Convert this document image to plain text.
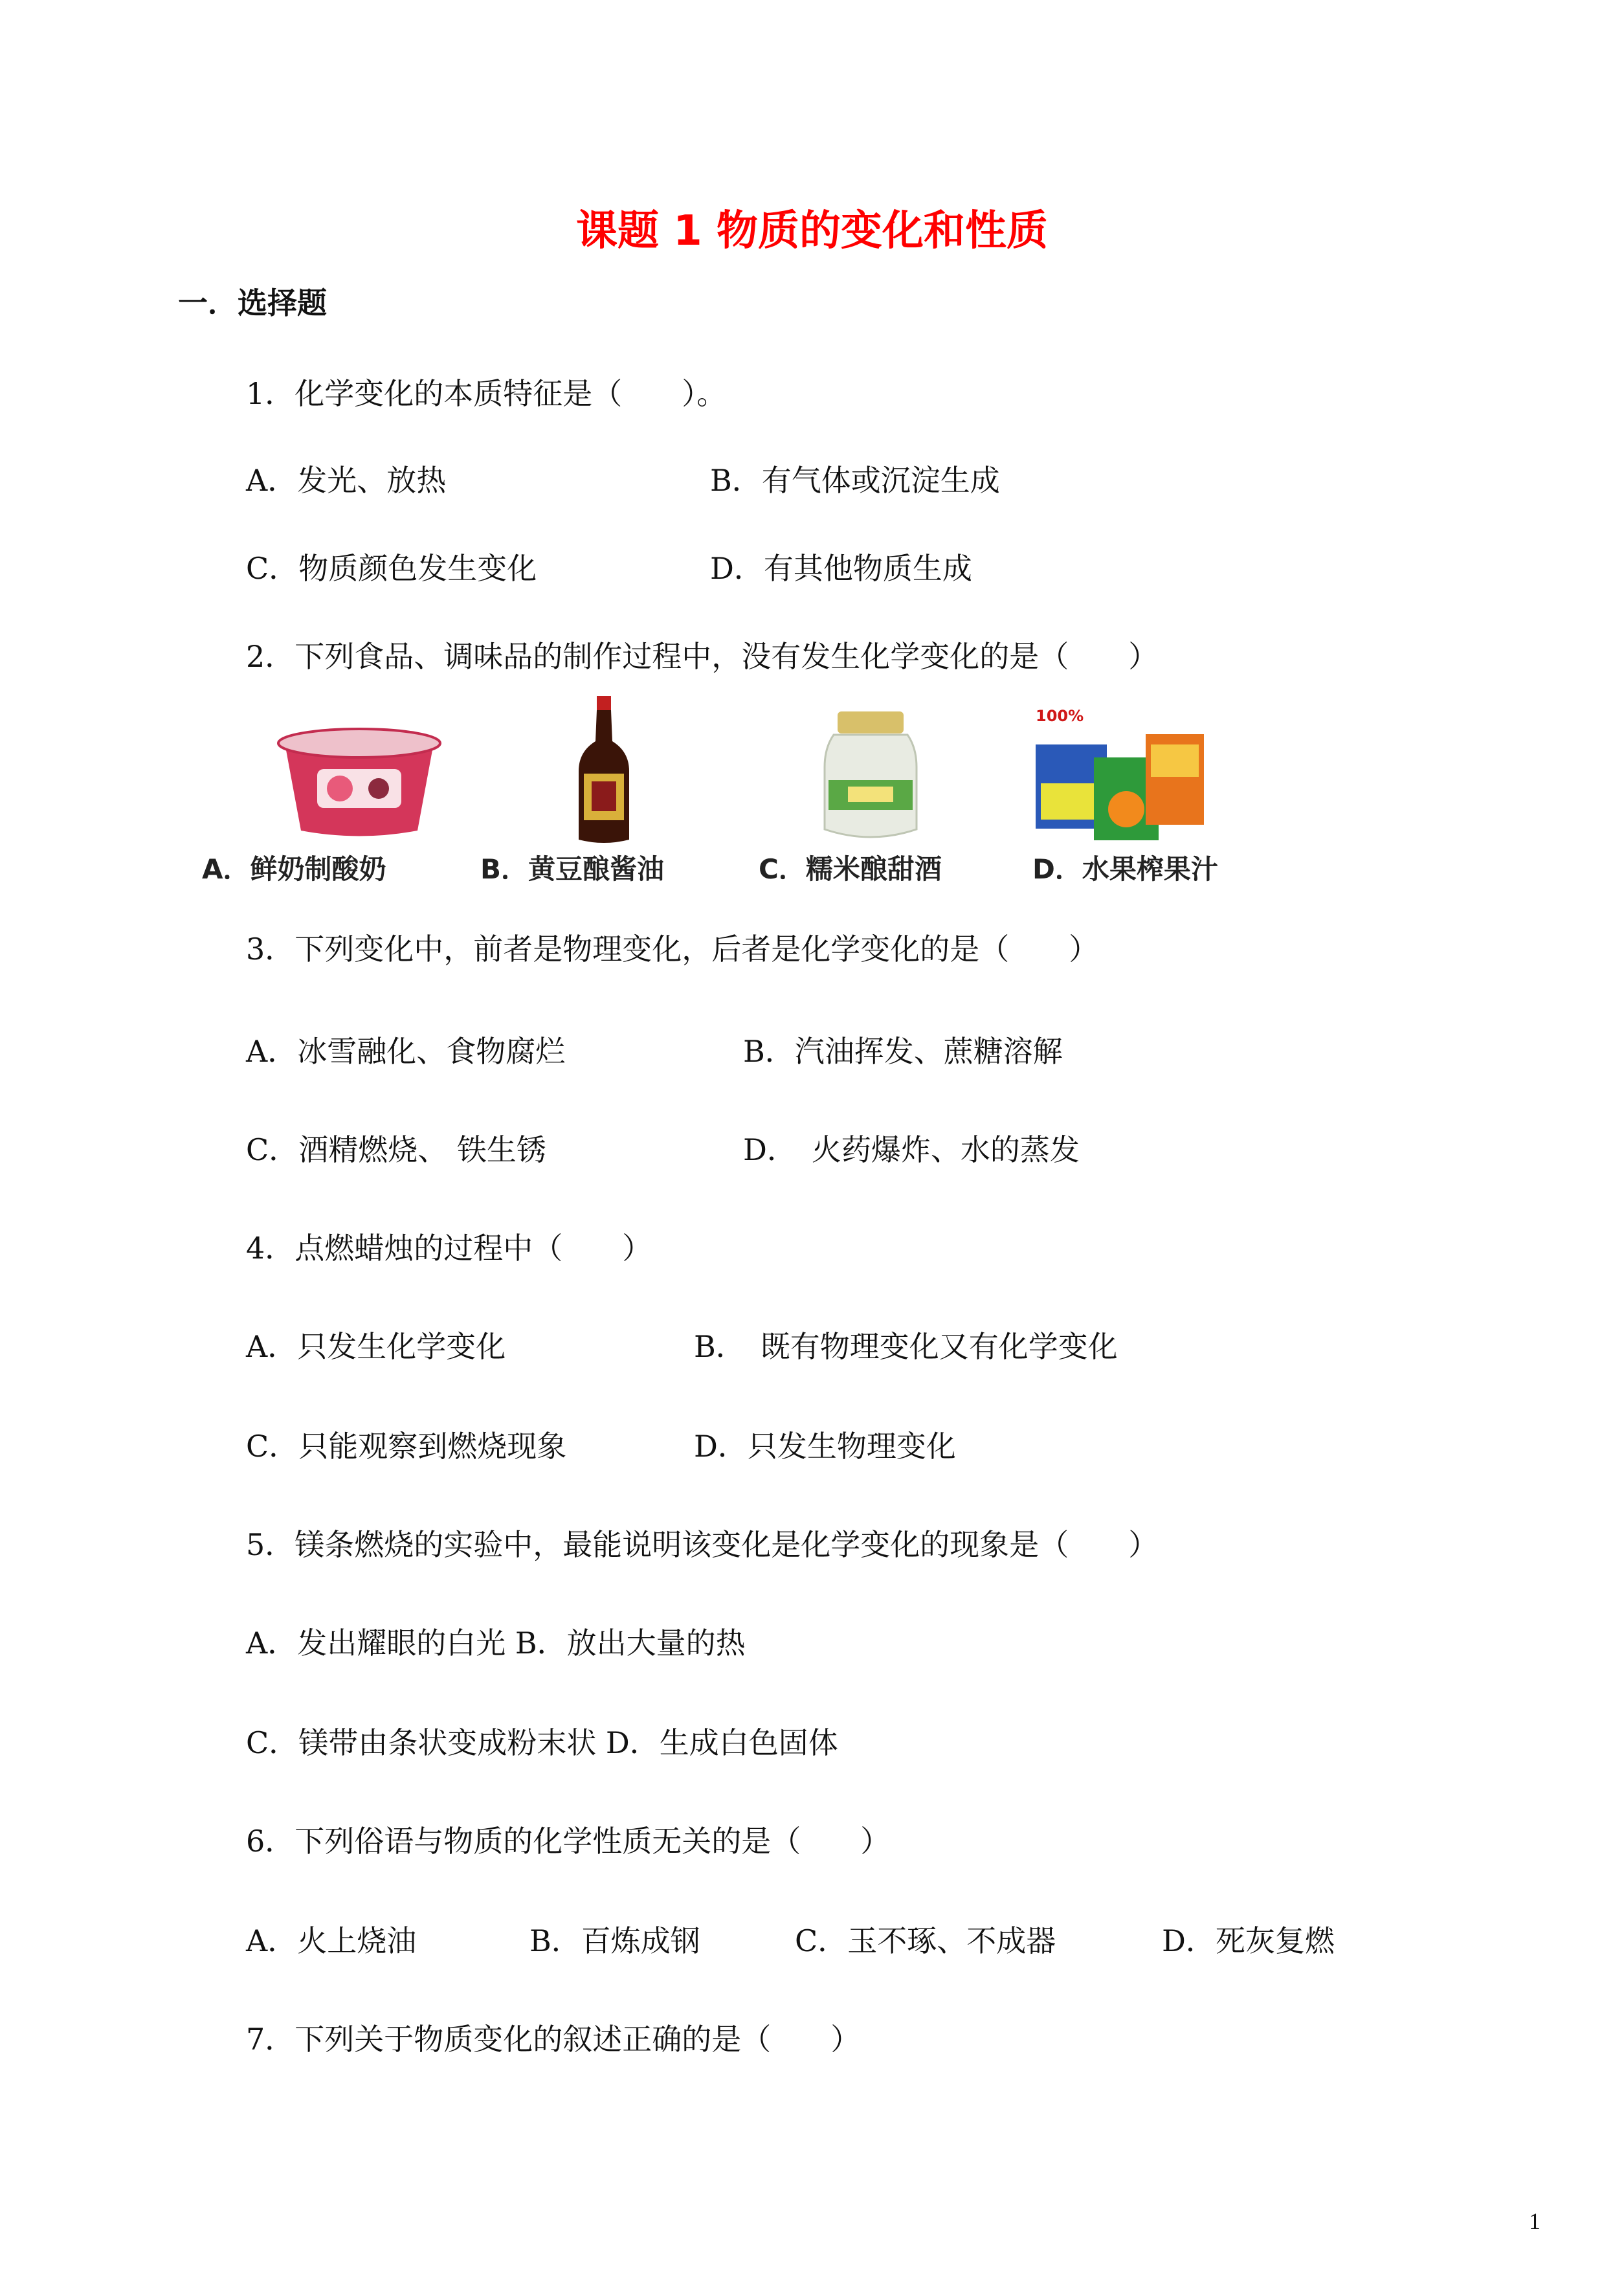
课题 1 物质的变化和性质
一．选择题
1．化学变化的本质特征是（　　）。
A．发光、放热	B．有气体或沉淀生成
C．物质颜色发生变化	D．有其他物质生成
2．下列食品、调味品的制作过程中，没有发生化学变化的是（　　）
100%
A．鲜奶制酸奶	B．黄豆酿酱油	C．糯米酿甜酒	D．水果榨果汁
3．下列变化中，前者是物理变化，后者是化学变化的是（　　）
A．冰雪融化、食物腐烂	B．汽油挥发、蔗糖溶解
C．酒精燃烧、 铁生锈	D．　火药爆炸、水的蒸发
4．点燃蜡烛的过程中（　　）
A．只发生化学变化	B．　既有物理变化又有化学变化
C．只能观察到燃烧现象	D．只发生物理变化
5．镁条燃烧的实验中，最能说明该变化是化学变化的现象是（　　）
A．发出耀眼的白光 B．放出大量的热
C．镁带由条状变成粉末状 D．生成白色固体
6．下列俗语与物质的化学性质无关的是（　　）
A．火上烧油	B．百炼成钢	C．玉不琢、不成器	D．死灰复燃
7．下列关于物质变化的叙述正确的是（　　）
1
